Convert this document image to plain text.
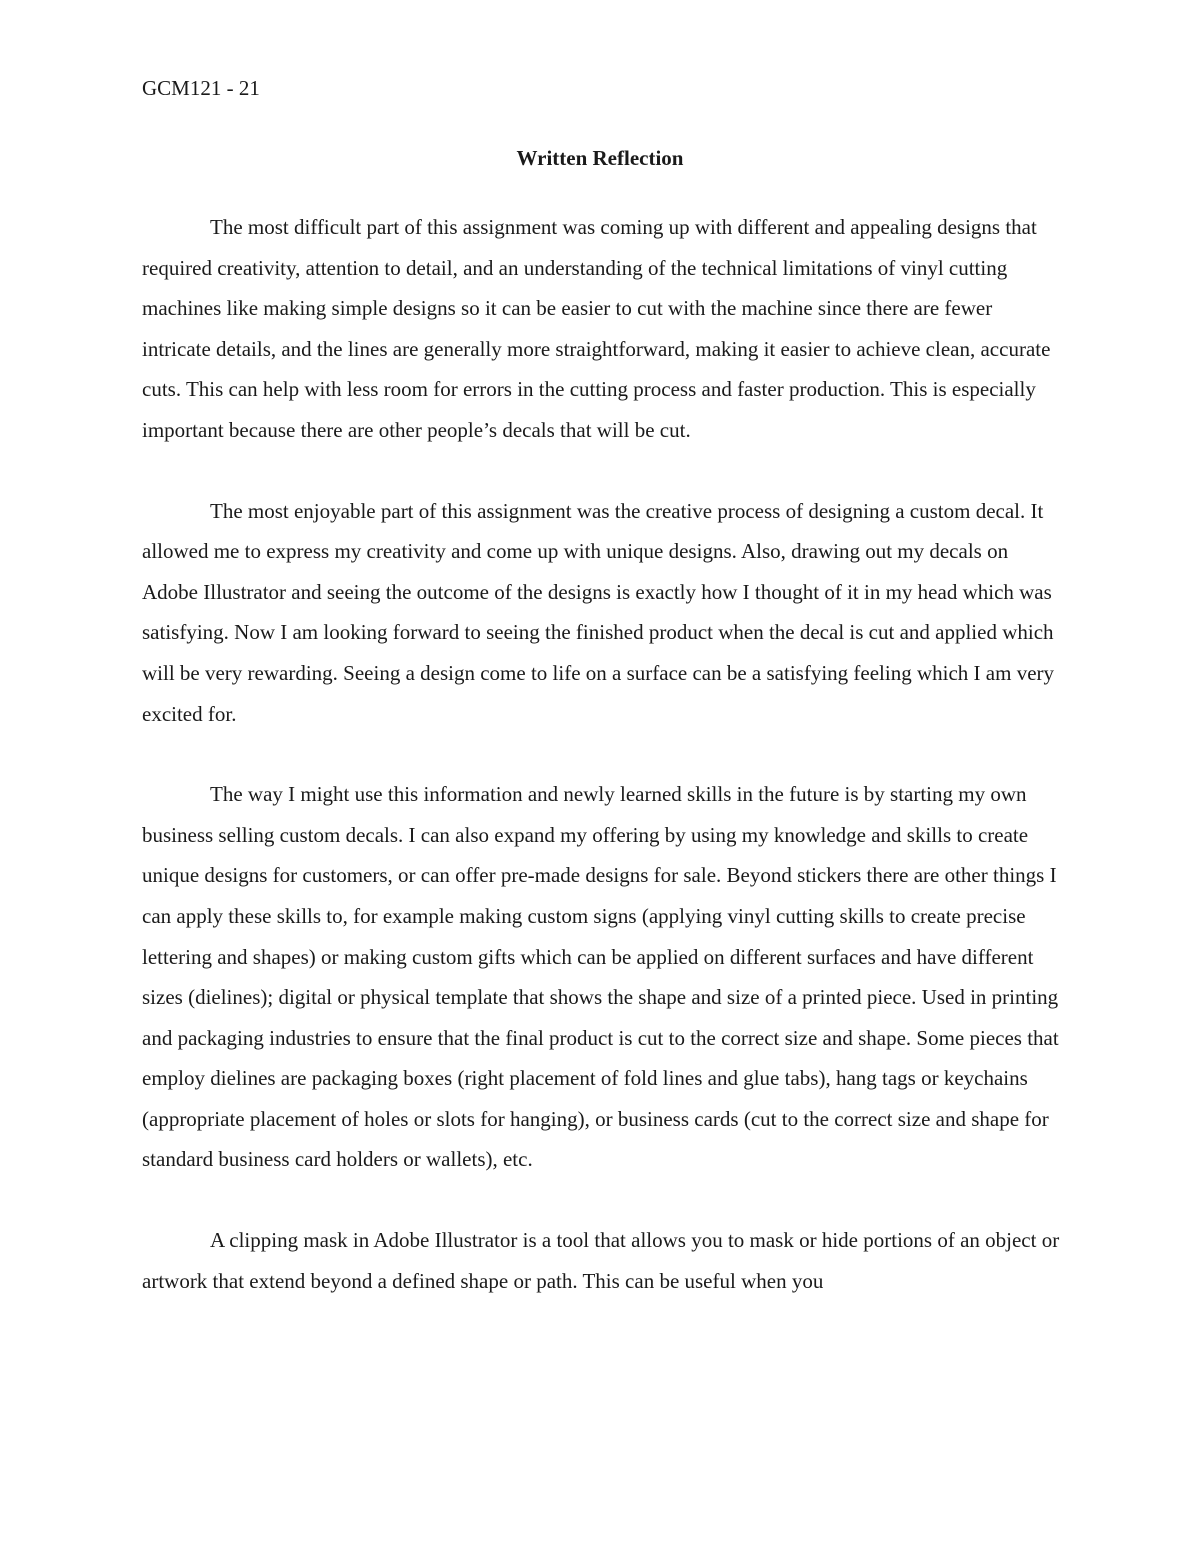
GCM121 - 21
Written Reflection

The most difficult part of this assignment was coming up with different and appealing designs that required creativity, attention to detail, and an understanding of the technical limitations of vinyl cutting machines like making simple designs so it can be easier to cut with the machine since there are fewer intricate details, and the lines are generally more straightforward, making it easier to achieve clean, accurate cuts. This can help with less room for errors in the cutting process and faster production. This is especially important because there are other people’s decals that will be cut.

The most enjoyable part of this assignment was the creative process of designing a custom decal. It allowed me to express my creativity and come up with unique designs. Also, drawing out my decals on Adobe Illustrator and seeing the outcome of the designs is exactly how I thought of it in my head which was satisfying. Now I am looking forward to seeing the finished product when the decal is cut and applied which will be very rewarding. Seeing a design come to life on a surface can be a satisfying feeling which I am very excited for.

The way I might use this information and newly learned skills in the future is by starting my own business selling custom decals. I can also expand my offering by using my knowledge and skills to create unique designs for customers, or can offer pre-made designs for sale. Beyond stickers there are other things I can apply these skills to, for example making custom signs (applying vinyl cutting skills to create precise lettering and shapes) or making custom gifts which can be applied on different surfaces and have different sizes (dielines); digital or physical template that shows the shape and size of a printed piece. Used in printing and packaging industries to ensure that the final product is cut to the correct size and shape. Some pieces that employ dielines are packaging boxes (right placement of fold lines and glue tabs), hang tags or keychains (appropriate placement of holes or slots for hanging), or business cards (cut to the correct size and shape for standard business card holders or wallets), etc.

A clipping mask in Adobe Illustrator is a tool that allows you to mask or hide portions of an object or artwork that extend beyond a defined shape or path. This can be useful when you
